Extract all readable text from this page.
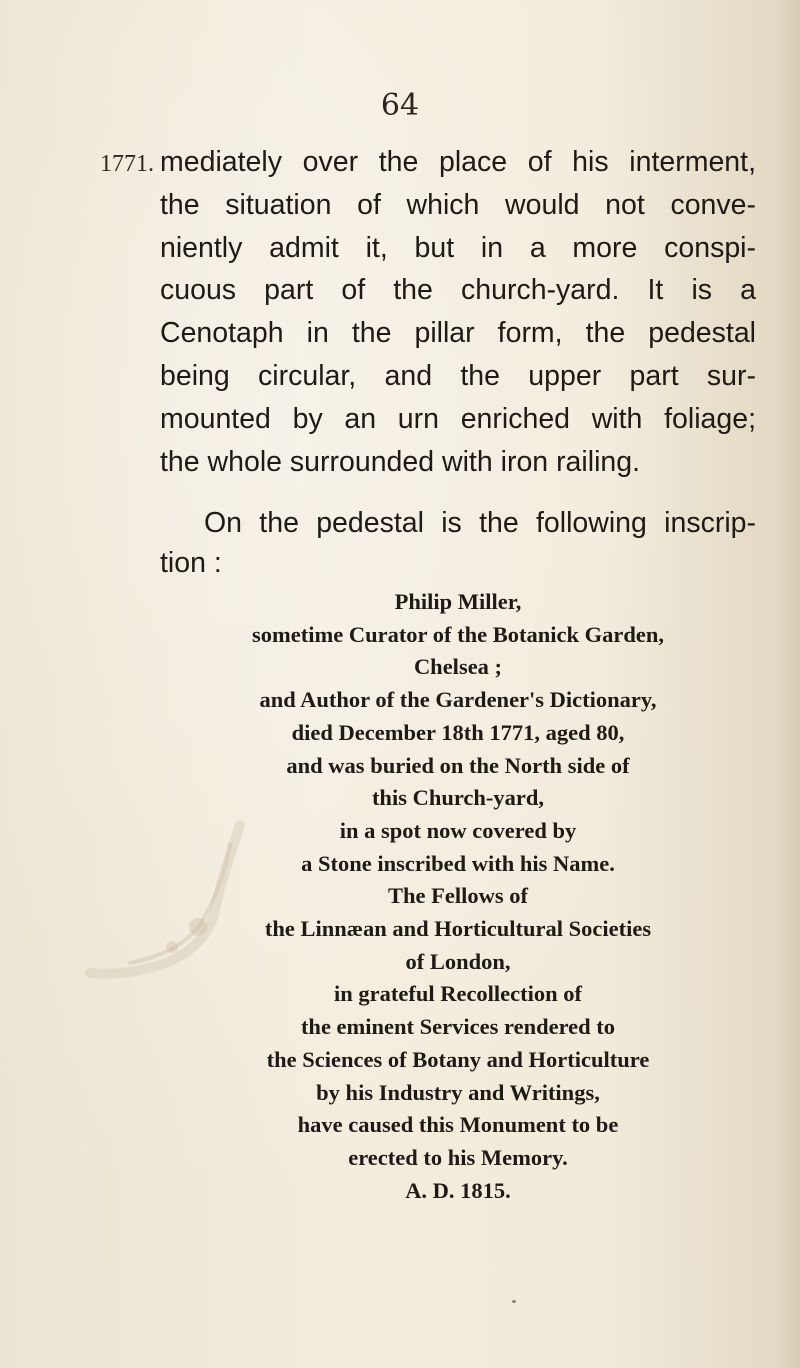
64
1771. mediately over the place of his interment,
the situation of which would not conve-
niently admit it, but in a more conspi-
cuous part of the church-yard. It is a
Cenotaph in the pillar form, the pedestal
being circular, and the upper part sur-
mounted by an urn enriched with foliage;
the whole surrounded with iron railing.

On the pedestal is the following inscrip-
tion :

Philip Miller,
sometime Curator of the Botanick Garden,
Chelsea ;
and Author of the Gardener's Dictionary,
died December 18th 1771, aged 80,
and was buried on the North side of
this Church-yard,
in a spot now covered by
a Stone inscribed with his Name.
The Fellows of
the Linnæan and Horticultural Societies
of London,
in grateful Recollection of
the eminent Services rendered to
the Sciences of Botany and Horticulture
by his Industry and Writings,
have caused this Monument to be
erected to his Memory.
A. D. 1815.
